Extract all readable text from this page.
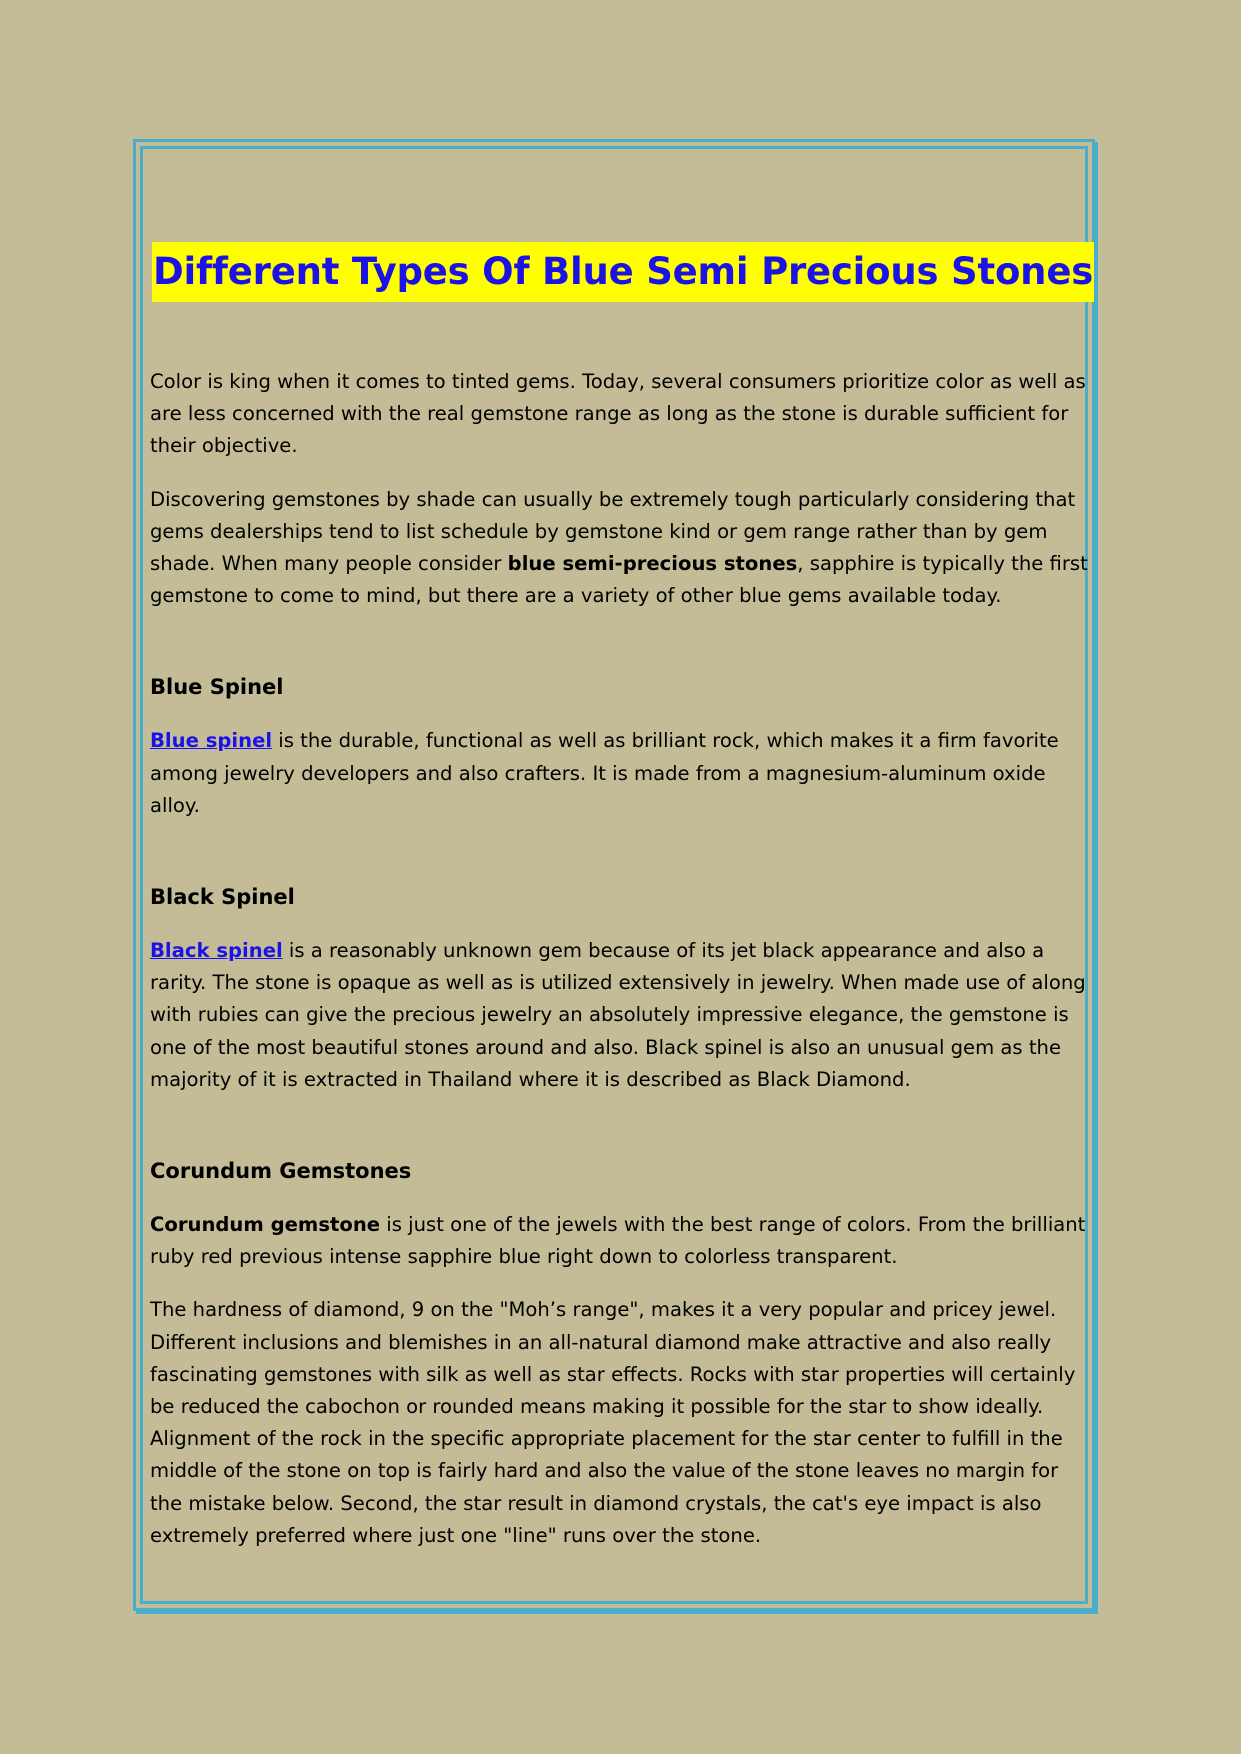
Different Types Of Blue Semi Precious Stones

Color is king when it comes to tinted gems. Today, several consumers prioritize color as well as are less concerned with the real gemstone range as long as the stone is durable sufficient for their objective.

Discovering gemstones by shade can usually be extremely tough particularly considering that gems dealerships tend to list schedule by gemstone kind or gem range rather than by gem shade. When many people consider blue semi-precious stones, sapphire is typically the first gemstone to come to mind, but there are a variety of other blue gems available today.

Blue Spinel

Blue spinel is the durable, functional as well as brilliant rock, which makes it a firm favorite among jewelry developers and also crafters. It is made from a magnesium-aluminum oxide alloy.

Black Spinel

Black spinel is a reasonably unknown gem because of its jet black appearance and also a rarity. The stone is opaque as well as is utilized extensively in jewelry. When made use of along with rubies can give the precious jewelry an absolutely impressive elegance, the gemstone is one of the most beautiful stones around and also. Black spinel is also an unusual gem as the majority of it is extracted in Thailand where it is described as Black Diamond.

Corundum Gemstones

Corundum gemstone is just one of the jewels with the best range of colors. From the brilliant ruby red previous intense sapphire blue right down to colorless transparent.

The hardness of diamond, 9 on the "Moh’s range", makes it a very popular and pricey jewel. Different inclusions and blemishes in an all-natural diamond make attractive and also really fascinating gemstones with silk as well as star effects. Rocks with star properties will certainly be reduced the cabochon or rounded means making it possible for the star to show ideally. Alignment of the rock in the specific appropriate placement for the star center to fulfill in the middle of the stone on top is fairly hard and also the value of the stone leaves no margin for the mistake below. Second, the star result in diamond crystals, the cat's eye impact is also extremely preferred where just one "line" runs over the stone.
